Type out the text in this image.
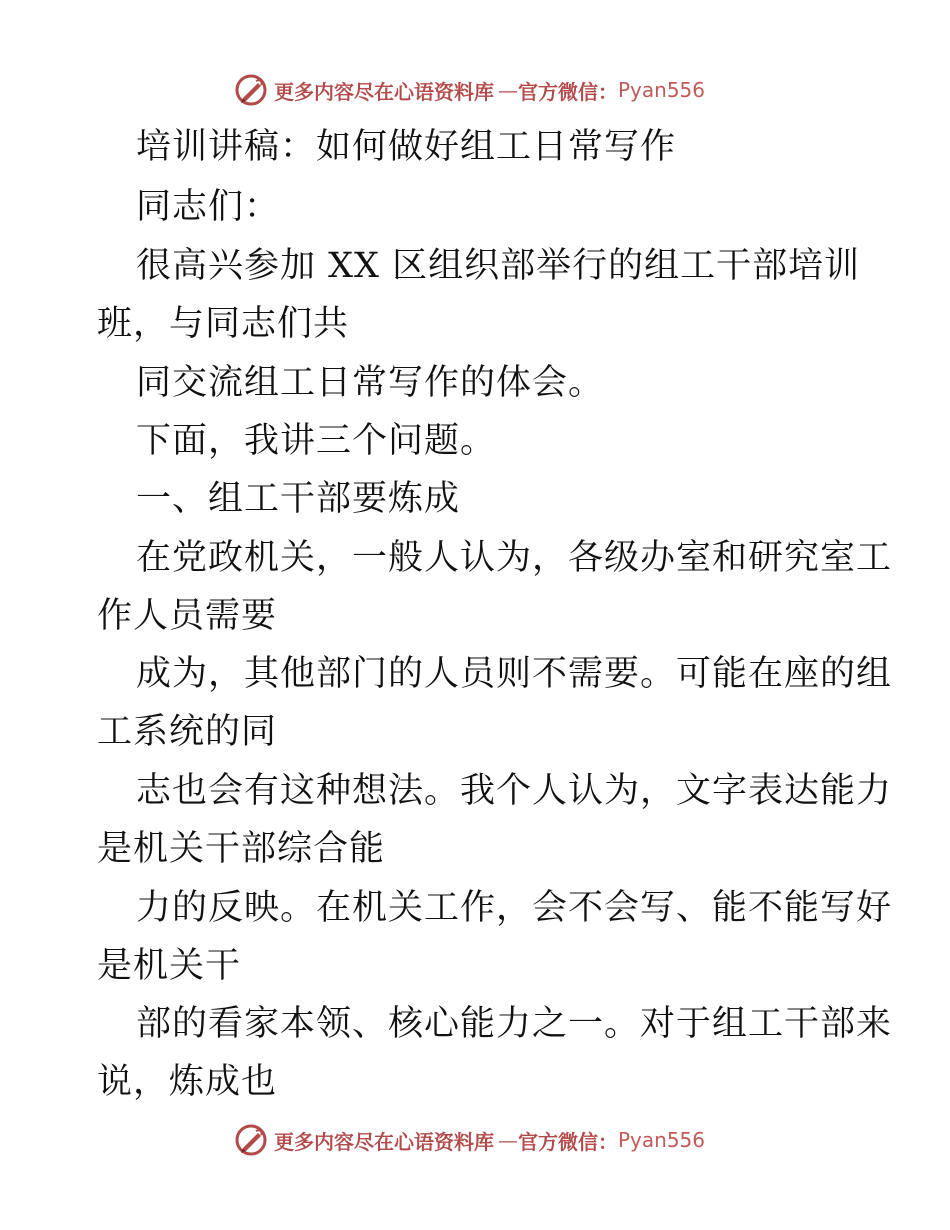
更多内容尽在心语资料库 — 官方微信： Pyan556
培训讲稿：如何做好组工日常写作
同志们：
很高兴参加 XX 区组织部举行的组工干部培训
班，与同志们共
同交流组工日常写作的体会。
下面，我讲三个问题。
一、组工干部要炼成
在党政机关，一般人认为，各级办室和研究室工
作人员需要
成为，其他部门的人员则不需要。可能在座的组
工系统的同
志也会有这种想法。我个人认为，文字表达能力
是机关干部综合能
力的反映。在机关工作，会不会写、能不能写好
是机关干
部的看家本领、核心能力之一。对于组工干部来
说，炼成也
更多内容尽在心语资料库 — 官方微信： Pyan556
